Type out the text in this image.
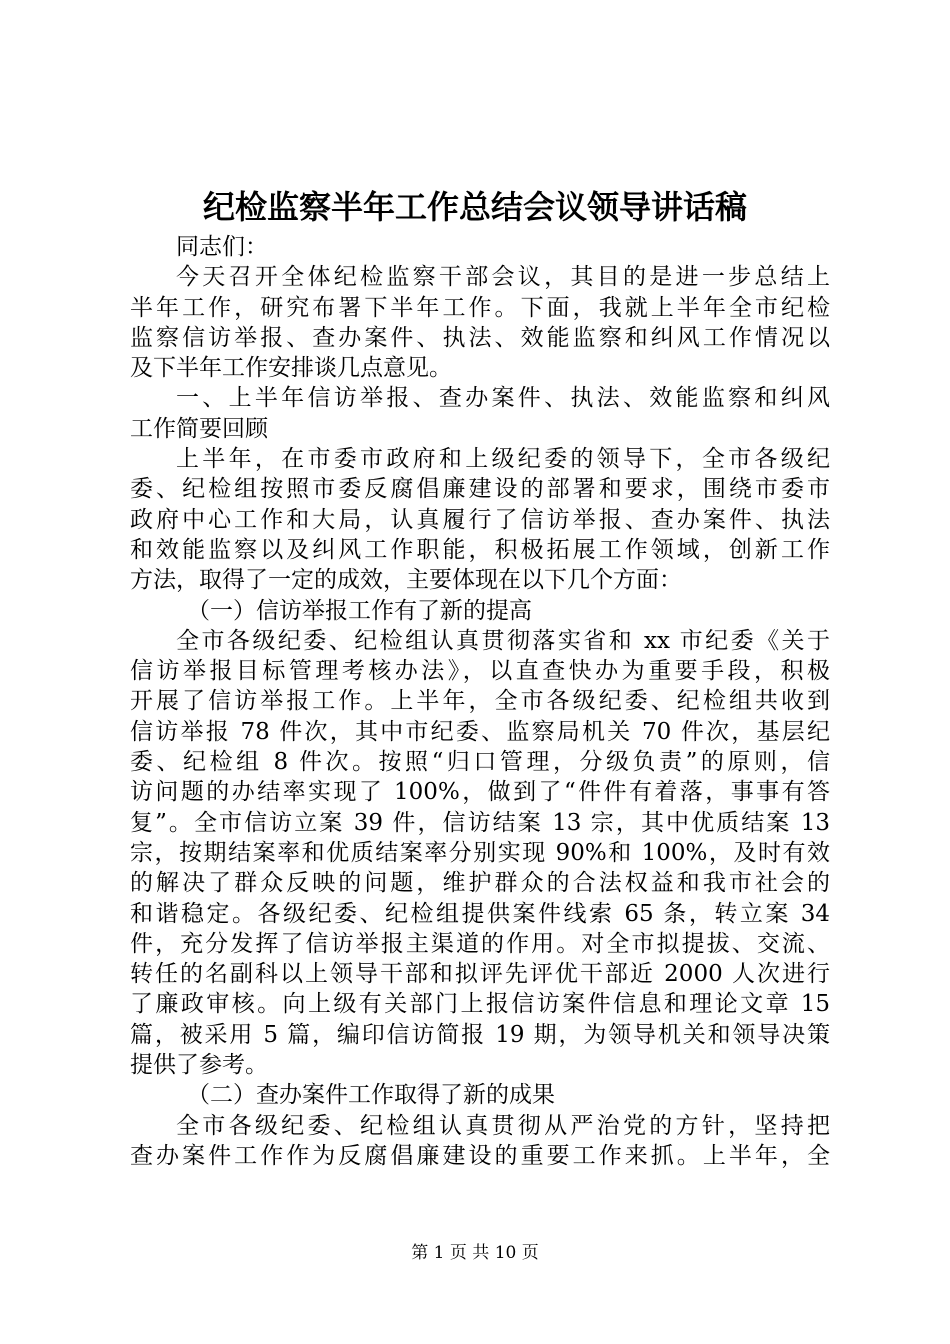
纪检监察半年工作总结会议领导讲话稿
同志们：
今天召开全体纪检监察干部会议，其目的是进一步总结上
半年工作，研究布署下半年工作。下面，我就上半年全市纪检
监察信访举报、查办案件、执法、效能监察和纠风工作情况以
及下半年工作安排谈几点意见。
一、上半年信访举报、查办案件、执法、效能监察和纠风
工作简要回顾
上半年，在市委市政府和上级纪委的领导下，全市各级纪
委、纪检组按照市委反腐倡廉建设的部署和要求，围绕市委市
政府中心工作和大局，认真履行了信访举报、查办案件、执法
和效能监察以及纠风工作职能，积极拓展工作领域，创新工作
方法，取得了一定的成效，主要体现在以下几个方面：
（一）信访举报工作有了新的提高
全市各级纪委、纪检组认真贯彻落实省和 xx 市纪委《关于
信访举报目标管理考核办法》，以直查快办为重要手段，积极
开展了信访举报工作。上半年，全市各级纪委、纪检组共收到
信访举报 78 件次，其中市纪委、监察局机关 70 件次，基层纪
委、纪检组 8 件次。按照“归口管理，分级负责”的原则，信
访问题的办结率实现了 100%，做到了“件件有着落，事事有答
复”。全市信访立案 39 件，信访结案 13 宗，其中优质结案 13
宗，按期结案率和优质结案率分别实现 90%和 100%，及时有效
的解决了群众反映的问题，维护群众的合法权益和我市社会的
和谐稳定。各级纪委、纪检组提供案件线索 65 条，转立案 34
件，充分发挥了信访举报主渠道的作用。对全市拟提拔、交流、
转任的名副科以上领导干部和拟评先评优干部近 2000 人次进行
了廉政审核。向上级有关部门上报信访案件信息和理论文章 15
篇，被采用 5 篇，编印信访简报 19 期，为领导机关和领导决策
提供了参考。
（二）查办案件工作取得了新的成果
全市各级纪委、纪检组认真贯彻从严治党的方针，坚持把
查办案件工作作为反腐倡廉建设的重要工作来抓。上半年，全
第 1 页 共 10 页
